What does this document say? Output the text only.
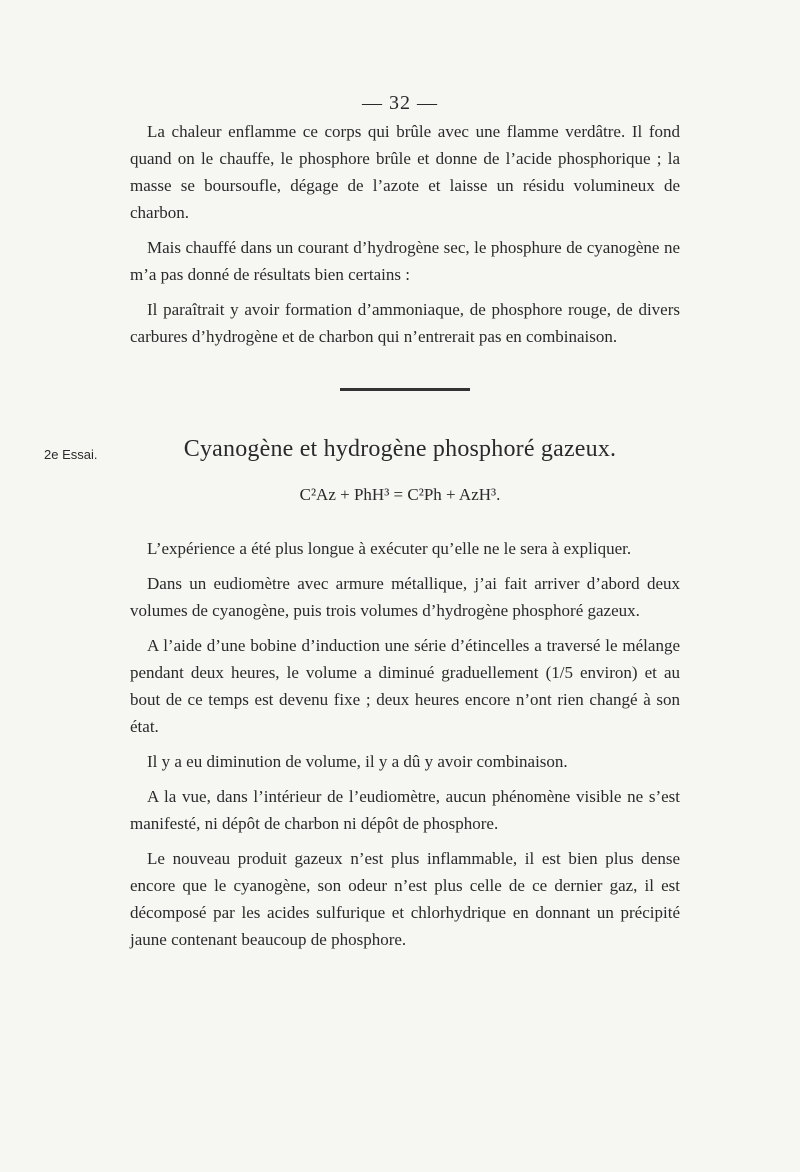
— 32 —

La chaleur enflamme ce corps qui brûle avec une flamme verdâtre. Il fond quand on le chauffe, le phosphore brûle et donne de l’acide phosphorique ; la masse se boursoufle, dégage de l’azote et laisse un résidu volumineux de charbon.

Mais chauffé dans un courant d’hydrogène sec, le phosphure de cyanogène ne m’a pas donné de résultats bien certains :

Il paraîtrait y avoir formation d’ammoniaque, de phosphore rouge, de divers carbures d’hydrogène et de charbon qui n’entrerait pas en combinaison.

2e Essai.	Cyanogène et hydrogène phosphoré gazeux.
C²Az + PhH³ = C²Ph + AzH³.

L’expérience a été plus longue à exécuter qu’elle ne le sera à expliquer.

Dans un eudiomètre avec armure métallique, j’ai fait arriver d’abord deux volumes de cyanogène, puis trois volumes d’hydrogène phosphoré gazeux.

A l’aide d’une bobine d’induction une série d’étincelles a traversé le mélange pendant deux heures, le volume a diminué graduellement (1/5 environ) et au bout de ce temps est devenu fixe ; deux heures encore n’ont rien changé à son état.

Il y a eu diminution de volume, il y a dû y avoir combinaison.

A la vue, dans l’intérieur de l’eudiomètre, aucun phénomène visible ne s’est manifesté, ni dépôt de charbon ni dépôt de phosphore.

Le nouveau produit gazeux n’est plus inflammable, il est bien plus dense encore que le cyanogène, son odeur n’est plus celle de ce dernier gaz, il est décomposé par les acides sulfurique et chlorhydrique en donnant un précipité jaune contenant beaucoup de phosphore.
